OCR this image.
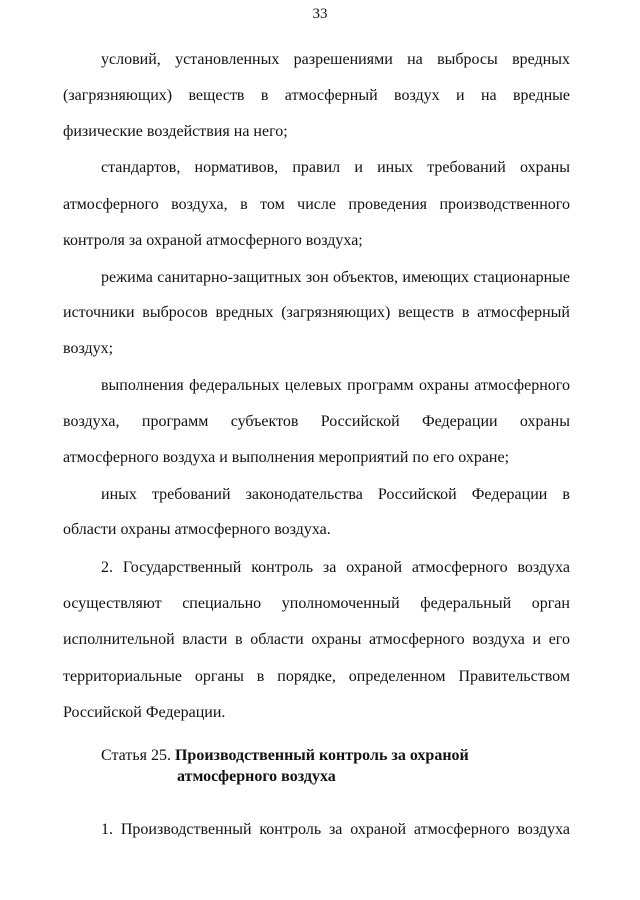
33
условий, установленных разрешениями на выбросы вредных
(загрязняющих) веществ в атмосферный воздух и на вредные
физические воздействия на него;
стандартов, нормативов, правил и иных требований охраны
атмосферного воздуха, в том числе проведения производственного
контроля за охраной атмосферного воздуха;
режима санитарно-защитных зон объектов, имеющих стационарные
источники выбросов вредных (загрязняющих) веществ в атмосферный
воздух;
выполнения федеральных целевых программ охраны атмосферного
воздуха, программ субъектов Российской Федерации охраны
атмосферного воздуха и выполнения мероприятий по его охране;
иных требований законодательства Российской Федерации в
области охраны атмосферного воздуха.
2. Государственный контроль за охраной атмосферного воздуха
осуществляют специально уполномоченный федеральный орган
исполнительной власти в области охраны атмосферного воздуха и его
территориальные органы в порядке, определенном Правительством
Российской Федерации.
1. Производственный контроль за охраной атмосферного воздуха
Статья 25. Производственный контроль за охраной
атмосферного воздуха
